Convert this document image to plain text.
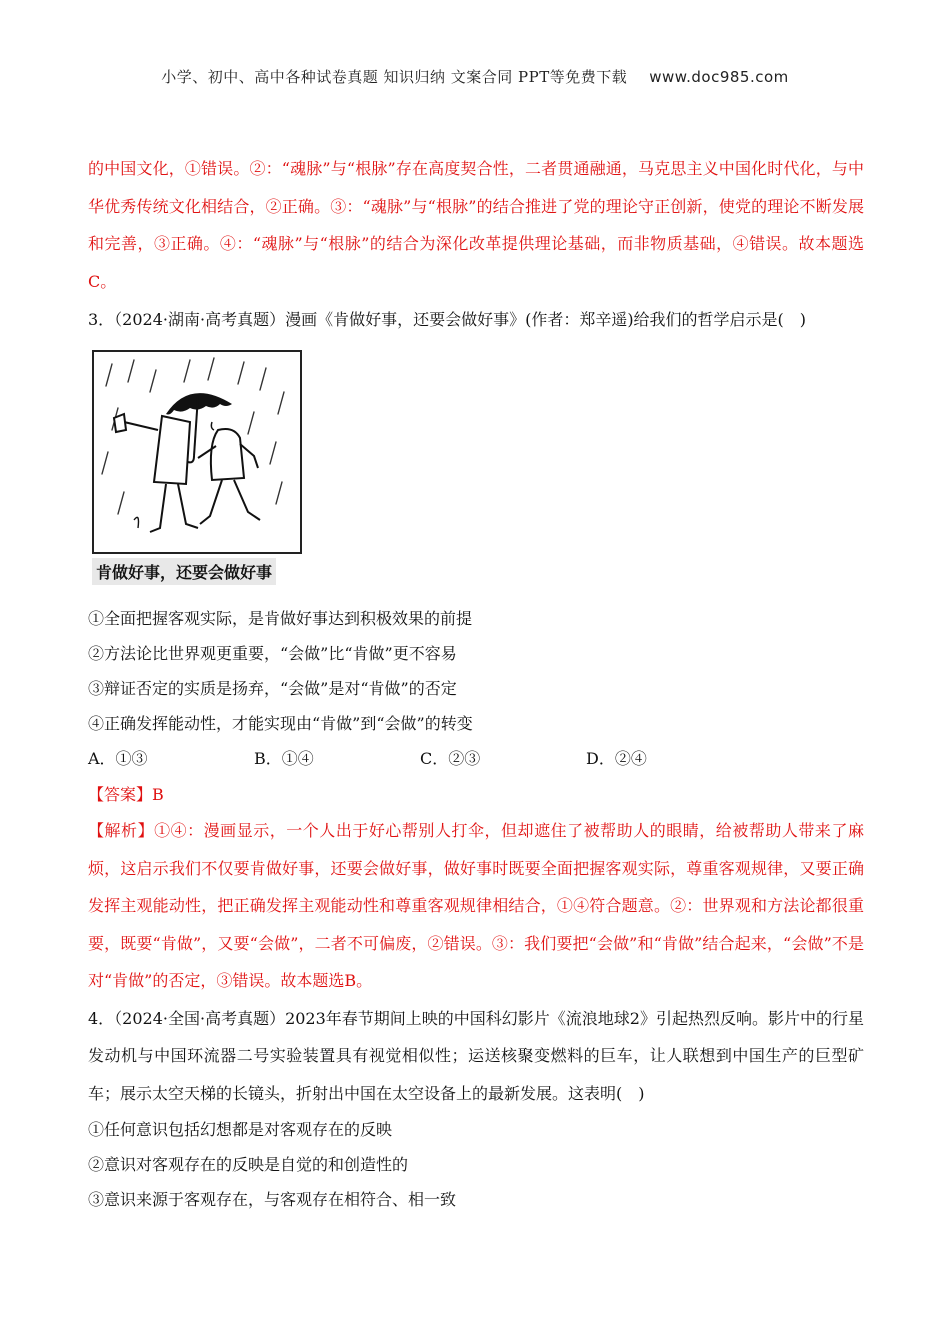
小学、初中、高中各种试卷真题 知识归纳 文案合同 PPT等免费下载 www.doc985.com

的中国文化，①错误。②：“魂脉”与“根脉”存在高度契合性，二者贯通融通，马克思主义中国化时代化，与中华优秀传统文化相结合，②正确。③：“魂脉”与“根脉”的结合推进了党的理论守正创新，使党的理论不断发展和完善，③正确。④：“魂脉”与“根脉”的结合为深化改革提供理论基础，而非物质基础，④错误。故本题选C。

3．（2024·湖南·高考真题）漫画《肯做好事，还要会做好事》(作者：郑辛遥)给我们的哲学启示是(　)

肯做好事，还要会做好事

①全面把握客观实际，是肯做好事达到积极效果的前提

②方法论比世界观更重要，“会做”比“肯做”更不容易

③辩证否定的实质是扬弃，“会做”是对“肯做”的否定

④正确发挥能动性，才能实现由“肯做”到“会做”的转变

A．①③	B．①④	C．②③	D．②④

【答案】B

【解析】①④：漫画显示，一个人出于好心帮别人打伞，但却遮住了被帮助人的眼睛，给被帮助人带来了麻烦，这启示我们不仅要肯做好事，还要会做好事，做好事时既要全面把握客观实际，尊重客观规律，又要正确发挥主观能动性，把正确发挥主观能动性和尊重客观规律相结合，①④符合题意。②：世界观和方法论都很重要，既要“肯做”，又要“会做”，二者不可偏废，②错误。③：我们要把“会做”和“肯做”结合起来，“会做”不是对“肯做”的否定，③错误。故本题选B。

4．（2024·全国·高考真题）2023年春节期间上映的中国科幻影片《流浪地球2》引起热烈反响。影片中的行星发动机与中国环流器二号实验装置具有视觉相似性；运送核聚变燃料的巨车，让人联想到中国生产的巨型矿车；展示太空天梯的长镜头，折射出中国在太空设备上的最新发展。这表明(　)

①任何意识包括幻想都是对客观存在的反映

②意识对客观存在的反映是自觉的和创造性的

③意识来源于客观存在，与客观存在相符合、相一致
